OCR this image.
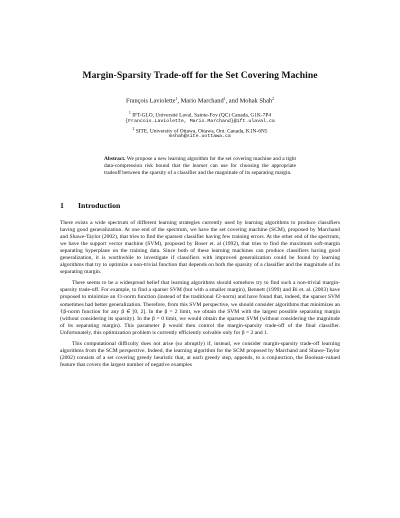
Margin-Sparsity Trade-off for the Set Covering Machine
François Laviolette$^1$, Mario Marchand$^1$, and Mohak Shah$^2$
$^1$ IFT-GLO, Université Laval, Sainte-Foy (QC) Canada, G1K-7P4
{Francois.Laviolette, Mario.Marchand}@ift.ulaval.ca
$^2$ SITE, University of Ottawa, Ottawa, Ont. Canada, K1N-6N5
mshah@site.uottawa.ca
Abstract. We propose a new learning algorithm for the set covering machine and a tight data-compression risk bound that the learner can use for choosing the appropriate tradeoff between the sparsity of a classifier and the magnitude of its separating margin.
1 Introduction

There exists a wide spectrum of different learning strategies currently used by learning algorithms to produce classifiers having good generalization. At one end of the spectrum, we have the set covering machine (SCM), proposed by Marchand and Shawe-Taylor (2002), that tries to find the sparsest classifier having few training errors. At the other end of the spectrum, we have the support vector machine (SVM), proposed by Boser et. al (1992), that tries to find the maximum soft-margin separating hyperplane on the training data. Since both of these learning machines can produce classifiers having good generalization, it is worthwhile to investigate if classifiers with improved generalization could be found by learning algorithms that try to optimize a non-trivial function that depends on both the sparsity of a classifier and the magnitude of its separating margin.

There seems to be a widespread belief that learning algorithms should somehow try to find such a non-trivial margin-sparsity trade-off. For example, to find a sparser SVM (but with a smaller margin), Bennett (1999) and Bi et. al. (2003) have proposed to minimize an ℓ1-norm function (instead of the traditional ℓ2-norm) and have found that, indeed, the sparser SVM sometimes had better generalization. Therefore, from this SVM perspective, we should consider algorithms that minimizes an ℓβ-norm function for any β ∈ [0, 2]. In the β = 2 limit, we obtain the SVM with the largest possible separating margin (without considering its sparsity). In the β = 0 limit, we would obtain the sparsest SVM (without considering the magnitude of its separating margin). This parameter β would then control the margin-sparsity trade-off of the final classifier. Unfortunately, this optimization problem is currently efficiently solvable only for β = 2 and 1.

This computational difficulty does not arise (so abruptly) if, instead, we consider margin-sparsity trade-off learning algorithms from the SCM perspective. Indeed, the learning algorithm for the SCM proposed by Marchand and Shawe-Taylor (2002) consists of a set covering greedy heuristic that, at each greedy step, appends, to a conjunction, the Boolean-valued feature that covers the largest number of negative examples
